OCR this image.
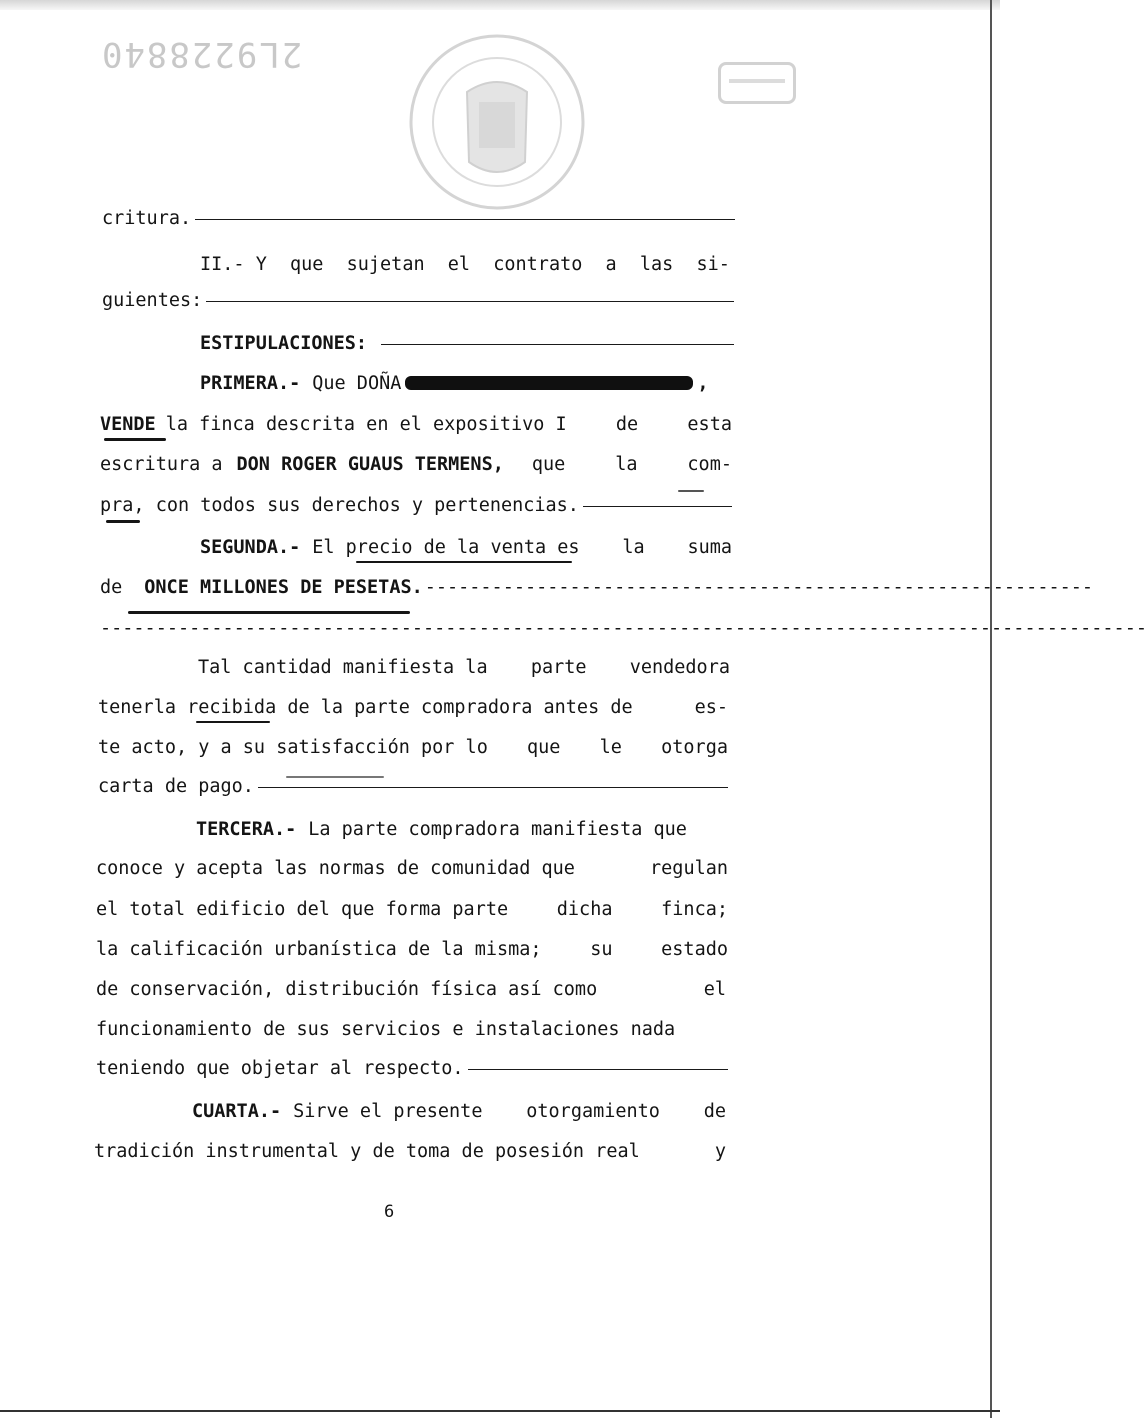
2L9228840
critura.
II.- Y que sujetan el contrato a las si-
guientes:
ESTIPULACIONES:
PRIMERA.- Que DOÑA	,
VENDE la finca descrita en el expositivo I	de	esta
escritura a DON ROGER GUAUS TERMENS, que	la	com-
pra, con todos sus derechos y pertenencias.
SEGUNDA.- El precio de la venta es la suma
de ONCE MILLONES DE PESETAS. ------------------------------------------------------------
----------------------------------------------------------------------------------------------
Tal cantidad manifiesta la parte vendedora
tenerla recibida de la parte compradora antes de	es-
te acto, y a su satisfacción por lo que le otorga
carta de pago.
TERCERA.- La parte compradora manifiesta que
conoce y acepta las normas de comunidad que	regulan
el total edificio del que forma parte	dicha	finca;
la calificación urbanística de la misma;	su	estado
de conservación, distribución física así como	el
funcionamiento de sus servicios e instalaciones nada
teniendo que objetar al respecto.
CUARTA.- Sirve el presente otorgamiento de
tradición instrumental y de toma de posesión real	y
6
